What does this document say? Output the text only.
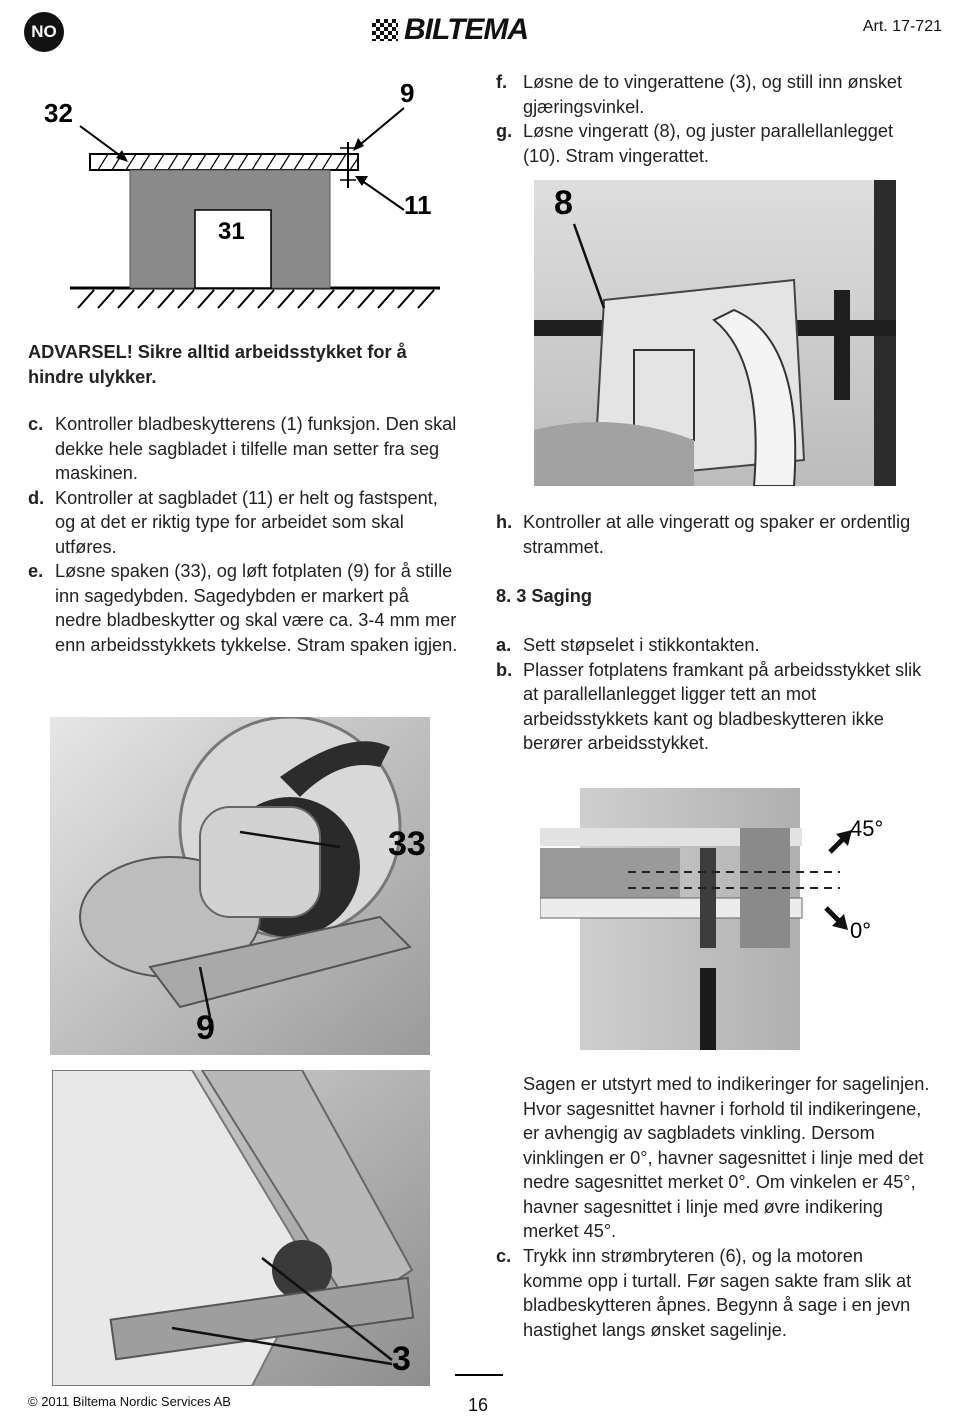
NO	BILTEMA	Art. 17-721
32
9
31
11
ADVARSEL! Sikre alltid arbeidsstykket for å hindre ulykker.
c. Kontroller bladbeskytterens (1) funksjon. Den skal dekke hele sagbladet i tilfelle man setter fra seg maskinen.
d. Kontroller at sagbladet (11) er helt og fastspent, og at det er riktig type for arbeidet som skal utføres.
e. Løsne spaken (33), og løft fotplaten (9) for å stille inn sagedybden. Sagedybden er markert på nedre bladbeskytter og skal være ca. 3-4 mm mer enn arbeidsstykkets tykkelse. Stram spaken igjen.
33
9
3
f. Løsne de to vingerattene (3), og still inn ønsket gjæringsvinkel.
g. Løsne vingeratt (8), og juster parallellanlegget (10). Stram vingerattet.
8
h. Kontroller at alle vingeratt og spaker er ordentlig strammet.
8. 3 Saging
a. Sett støpselet i stikkontakten.
b. Plasser fotplatens framkant på arbeidsstykket slik at parallellanlegget ligger tett an mot arbeidsstykkets kant og bladbeskytteren ikke berører arbeidsstykket.
45°
0°
Sagen er utstyrt med to indikeringer for sagelinjen. Hvor sagesnittet havner i forhold til indikeringene, er avhengig av sagbladets vinkling. Dersom vinklingen er 0°, havner sagesnittet i linje med det nedre sagesnittet merket 0°. Om vinkelen er 45°, havner sagesnittet i linje med øvre indikering merket 45°.
c. Trykk inn strømbryteren (6), og la motoren komme opp i turtall. Før sagen sakte fram slik at bladbeskytteren åpnes. Begynn å sage i en jevn hastighet langs ønsket sagelinje.
© 2011 Biltema Nordic Services AB	16
